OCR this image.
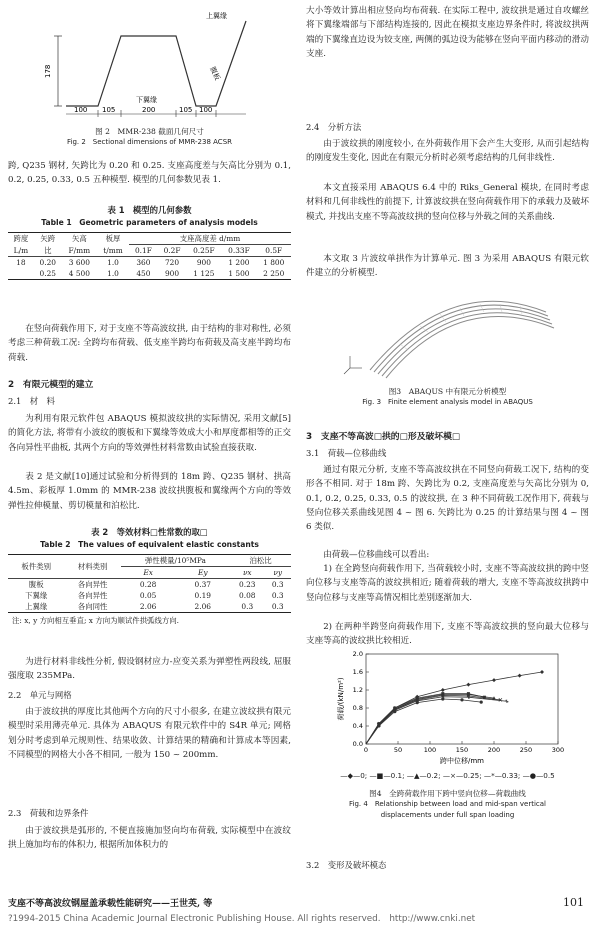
上翼缘
腹板
下翼缘
178
100 105	200	105 100
图 2　MMR-238 截面几何尺寸
Fig. 2　Sectional dimensions of MMR-238 ACSR

跨, Q235 钢材, 矢跨比为 0.20 和 0.25. 支座高度差与矢高比分别为 0.1, 0.2, 0.25, 0.33, 0.5 五种模型. 模型的几何参数见表 1.

表 1　模型的几何参数
Table 1　Geometric parameters of analysis models
跨度	矢跨	矢高	板厚	支座高度差 d/mm				
L/m	比	F/mm	t/mm	0.1F	0.2F	0.25F	0.33F	0.5F
18	0.20	3 600	1.0	360	720	900	1 200	1 800
	0.25	4 500	1.0	450	900	1 125	1 500	2 250

在竖向荷载作用下, 对于支座不等高波纹拱, 由于结构的非对称性, 必须考虑三种荷载工况: 全跨均布荷载、低支座半跨均布荷载及高支座半跨均布荷载.

2　有限元模型的建立
2.1　材　料

为利用有限元软件包 ABAQUS 模拟波纹拱的实际情况, 采用文献[5]的简化方法, 将带有小波纹的腹板和下翼缘等效成大小和厚度都相等的正交各向异性平曲板, 其两个方向的等效弹性材料常数由试验直接获取.

表 2 是文献[10]通过试验和分析得到的 18m 跨、Q235 钢材、拱高 4.5m、彩板厚 1.0mm 的 MMR-238 波纹拱腹板和翼缘两个方向的等效弹性拉伸模量、剪切模量和泊松比.

表 2　等效材料□性常数的取□
Table 2　The values of equivalent elastic constants
板件类别	材料类别	弹性模量/10⁵MPa		泊松比	
		Ex	Ey	νx	νy
腹板	各向异性	0.28	0.37	0.23	0.3
下翼缘	各向异性	0.05	0.19	0.08	0.3
上翼缘	各向同性	2.06	2.06	0.3	0.3
注: x, y 方向相互垂直; x 方向为顺试件拱弧线方向.

为进行材料非线性分析, 假设钢材应力-应变关系为弹塑性两段线, 屈服强度取 235MPa.

2.2　单元与网格

由于波纹拱的厚度比其他两个方向的尺寸小很多, 在建立波纹拱有限元模型时采用薄壳单元. 具体为 ABAQUS 有限元软件中的 S4R 单元; 网格划分时考虑到单元规则性、结果收敛、计算结果的精确和计算成本等因素, 不同模型的网格大小各不相同, 一般为 150 ~ 200mm.

2.3　荷载和边界条件

由于波纹拱是弧形的, 不便直接施加竖向均布荷载, 实际模型中在波纹拱上施加均布的体积力, 根据所加体积力的

大小等效计算出相应竖向均布荷载. 在实际工程中, 波纹拱是通过自攻螺丝将下翼缘端部与下部结构连接的, 因此在模拟支座边界条件时, 将波纹拱两端的下翼缘直边设为铰支座, 两侧的弧边设为能够在竖向平面内移动的滑动支座.

2.4　分析方法

由于波纹拱的刚度较小, 在外荷载作用下会产生大变形, 从而引起结构的刚度发生变化, 因此在有限元分析时必须考虑结构的几何非线性.

本文直接采用 ABAQUS 6.4 中的 Riks_General 模块, 在同时考虑材料和几何非线性的前提下, 计算波纹拱在竖向荷载作用下的承载力及破坏模式, 并找出支座不等高波纹拱的竖向位移与外载之间的关系曲线.

本文取 3 片波纹单拱作为计算单元. 图 3 为采用 ABAQUS 有限元软件建立的分析模型.

图3　ABAQUS 中有限元分析模型
Fig. 3　Finite element analysis model in ABAQUS
3　支座不等高波□拱的□形及破坏模□
3.1　荷载—位移曲线

通过有限元分析, 支座不等高波纹拱在不同竖向荷载工况下, 结构的变形各不相同. 对于 18m 跨、矢跨比为 0.2, 支座高度差与矢高比分别为 0, 0.1, 0.2, 0.25, 0.33, 0.5 的波纹拱, 在 3 种不同荷载工况作用下, 荷载与竖向位移关系曲线见图 4 ~ 图 6. 矢跨比为 0.25 的计算结果与图 4 ~ 图 6 类似.

由荷载—位移曲线可以看出:

1) 在全跨竖向荷载作用下, 当荷载较小时, 支座不等高波纹拱的跨中竖向位移与支座等高的波纹拱相近; 随着荷载的增大, 支座不等高波纹拱跨中竖向位移与支座等高情况相比差别逐渐加大.

2) 在两种半跨竖向荷载作用下, 支座不等高波纹拱的竖向最大位移与支座等高的波纹拱比较相近.

0	50	100	150	200	250	300
0.0
0.4
0.8
1.2
1.6
2.0
跨中位移/mm
荷载/(kN/m²)
—◆—0; —■—0.1; —▲—0.2; —×—0.25; —*—0.33; —●—0.5
图4　全跨荷载作用下跨中竖向位移—荷载曲线
Fig. 4　Relationship between load and mid-span vertical
displacements under full span loading
3.2　变形及破坏模态
支座不等高波纹钢屋盖承载性能研究——王世英, 等	101
?1994-2015 China Academic Journal Electronic Publishing House. All rights reserved.　http://www.cnki.net
